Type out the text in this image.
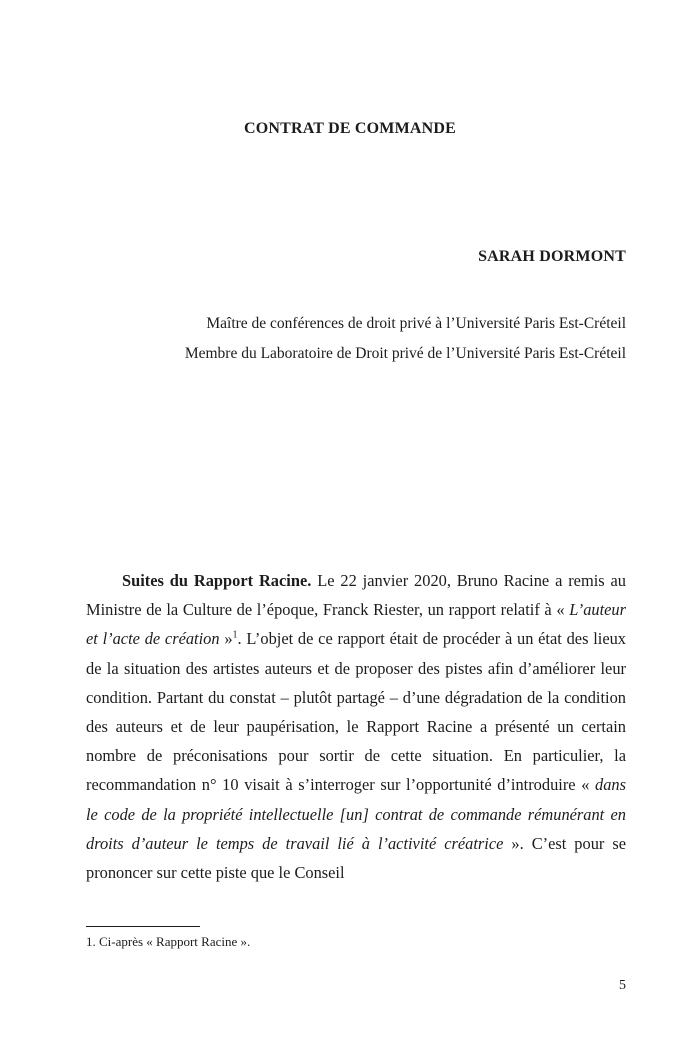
CONTRAT DE COMMANDE
SARAH DORMONT
Maître de conférences de droit privé à l’Université Paris Est-Créteil
Membre du Laboratoire de Droit privé de l’Université Paris Est-Créteil

Suites du Rapport Racine. Le 22 janvier 2020, Bruno Racine a remis au Ministre de la Culture de l’époque, Franck Riester, un rapport relatif à « L’auteur et l’acte de création »$^1$. L’objet de ce rapport était de procéder à un état des lieux de la situation des artistes auteurs et de proposer des pistes afin d’améliorer leur condition. Partant du constat – plutôt partagé – d’une dégradation de la condition des auteurs et de leur paupérisation, le Rapport Racine a présenté un certain nombre de préconisations pour sortir de cette situation. En particulier, la recommandation n° 10 visait à s’interroger sur l’opportunité d’introduire « dans le code de la propriété intellectuelle [un] contrat de commande rémunérant en droits d’auteur le temps de travail lié à l’activité créatrice ». C’est pour se prononcer sur cette piste que le Conseil

1. Ci-après « Rapport Racine ».
5
